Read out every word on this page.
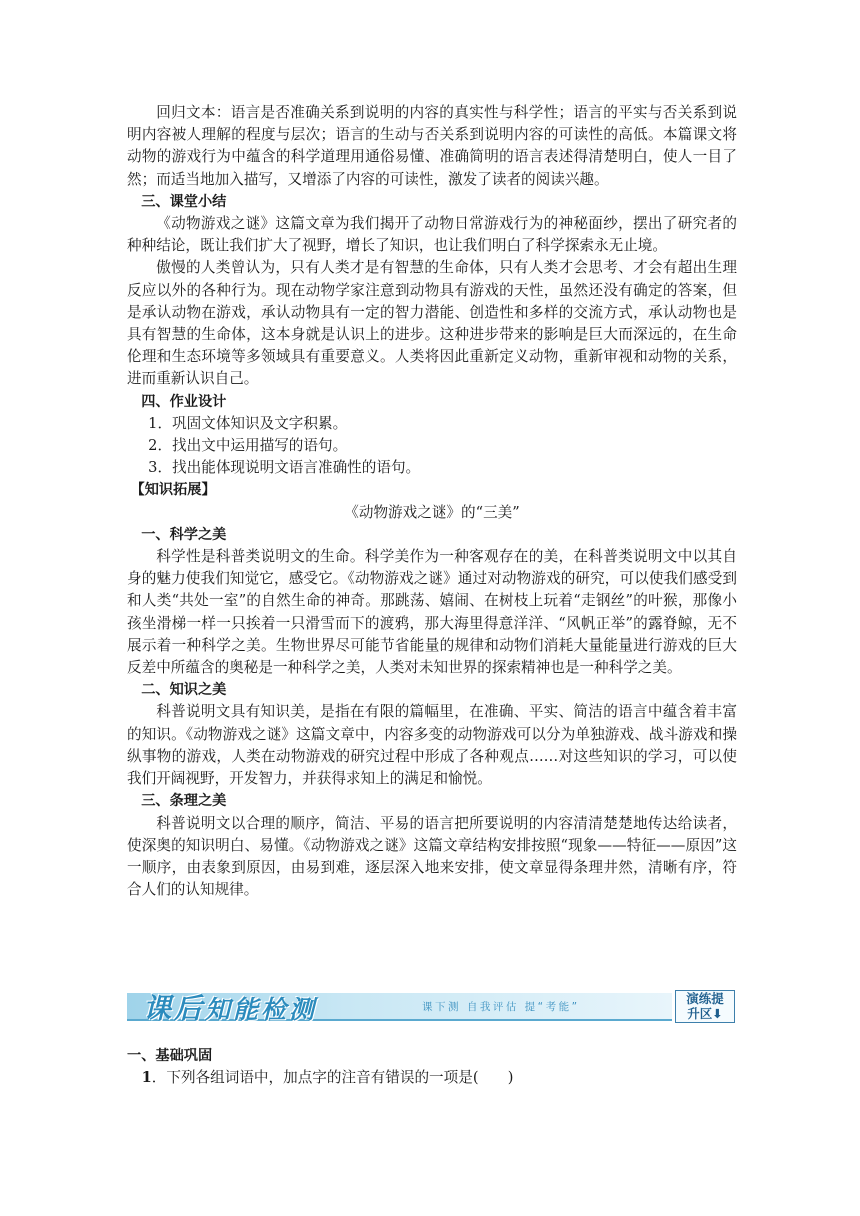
回归文本：语言是否准确关系到说明的内容的真实性与科学性；语言的平实与否关系到说明内容被人理解的程度与层次；语言的生动与否关系到说明内容的可读性的高低。本篇课文将动物的游戏行为中蕴含的科学道理用通俗易懂、准确简明的语言表述得清楚明白，使人一目了然；而适当地加入描写，又增添了内容的可读性，激发了读者的阅读兴趣。

三、课堂小结

《动物游戏之谜》这篇文章为我们揭开了动物日常游戏行为的神秘面纱，摆出了研究者的种种结论，既让我们扩大了视野，增长了知识，也让我们明白了科学探索永无止境。

傲慢的人类曾认为，只有人类才是有智慧的生命体，只有人类才会思考、才会有超出生理反应以外的各种行为。现在动物学家注意到动物具有游戏的天性，虽然还没有确定的答案，但是承认动物在游戏，承认动物具有一定的智力潜能、创造性和多样的交流方式，承认动物也是具有智慧的生命体，这本身就是认识上的进步。这种进步带来的影响是巨大而深远的，在生命伦理和生态环境等多领域具有重要意义。人类将因此重新定义动物，重新审视和动物的关系，进而重新认识自己。

四、作业设计
1．巩固文体知识及文字积累。
2．找出文中运用描写的语句。
3．找出能体现说明文语言准确性的语句。
【知识拓展】
《动物游戏之谜》的“三美”
一、科学之美

科学性是科普类说明文的生命。科学美作为一种客观存在的美，在科普类说明文中以其自身的魅力使我们知觉它，感受它。《动物游戏之谜》通过对动物游戏的研究，可以使我们感受到和人类“共处一室”的自然生命的神奇。那跳荡、嬉闹、在树枝上玩着“走钢丝”的叶猴，那像小孩坐滑梯一样一只挨着一只滑雪而下的渡鸦，那大海里得意洋洋、“风帆正举”的露脊鲸，无不展示着一种科学之美。生物世界尽可能节省能量的规律和动物们消耗大量能量进行游戏的巨大反差中所蕴含的奥秘是一种科学之美，人类对未知世界的探索精神也是一种科学之美。

二、知识之美

科普说明文具有知识美，是指在有限的篇幅里，在准确、平实、简洁的语言中蕴含着丰富的知识。《动物游戏之谜》这篇文章中，内容多变的动物游戏可以分为单独游戏、战斗游戏和操纵事物的游戏，人类在动物游戏的研究过程中形成了各种观点……对这些知识的学习，可以使我们开阔视野，开发智力，并获得求知上的满足和愉悦。

三、条理之美

科普说明文以合理的顺序，简洁、平易的语言把所要说明的内容清清楚楚地传达给读者，使深奥的知识明白、易懂。《动物游戏之谜》这篇文章结构安排按照“现象——特征——原因”这一顺序，由表象到原因，由易到难，逐层深入地来安排，使文章显得条理井然，清晰有序，符合人们的认知规律。

课后知能检测	课下测 自我评估 提“考能”
演练提
升区⬇
一、基础巩固

1．下列各组词语中，加点字的注音有错误的一项是(　　)
